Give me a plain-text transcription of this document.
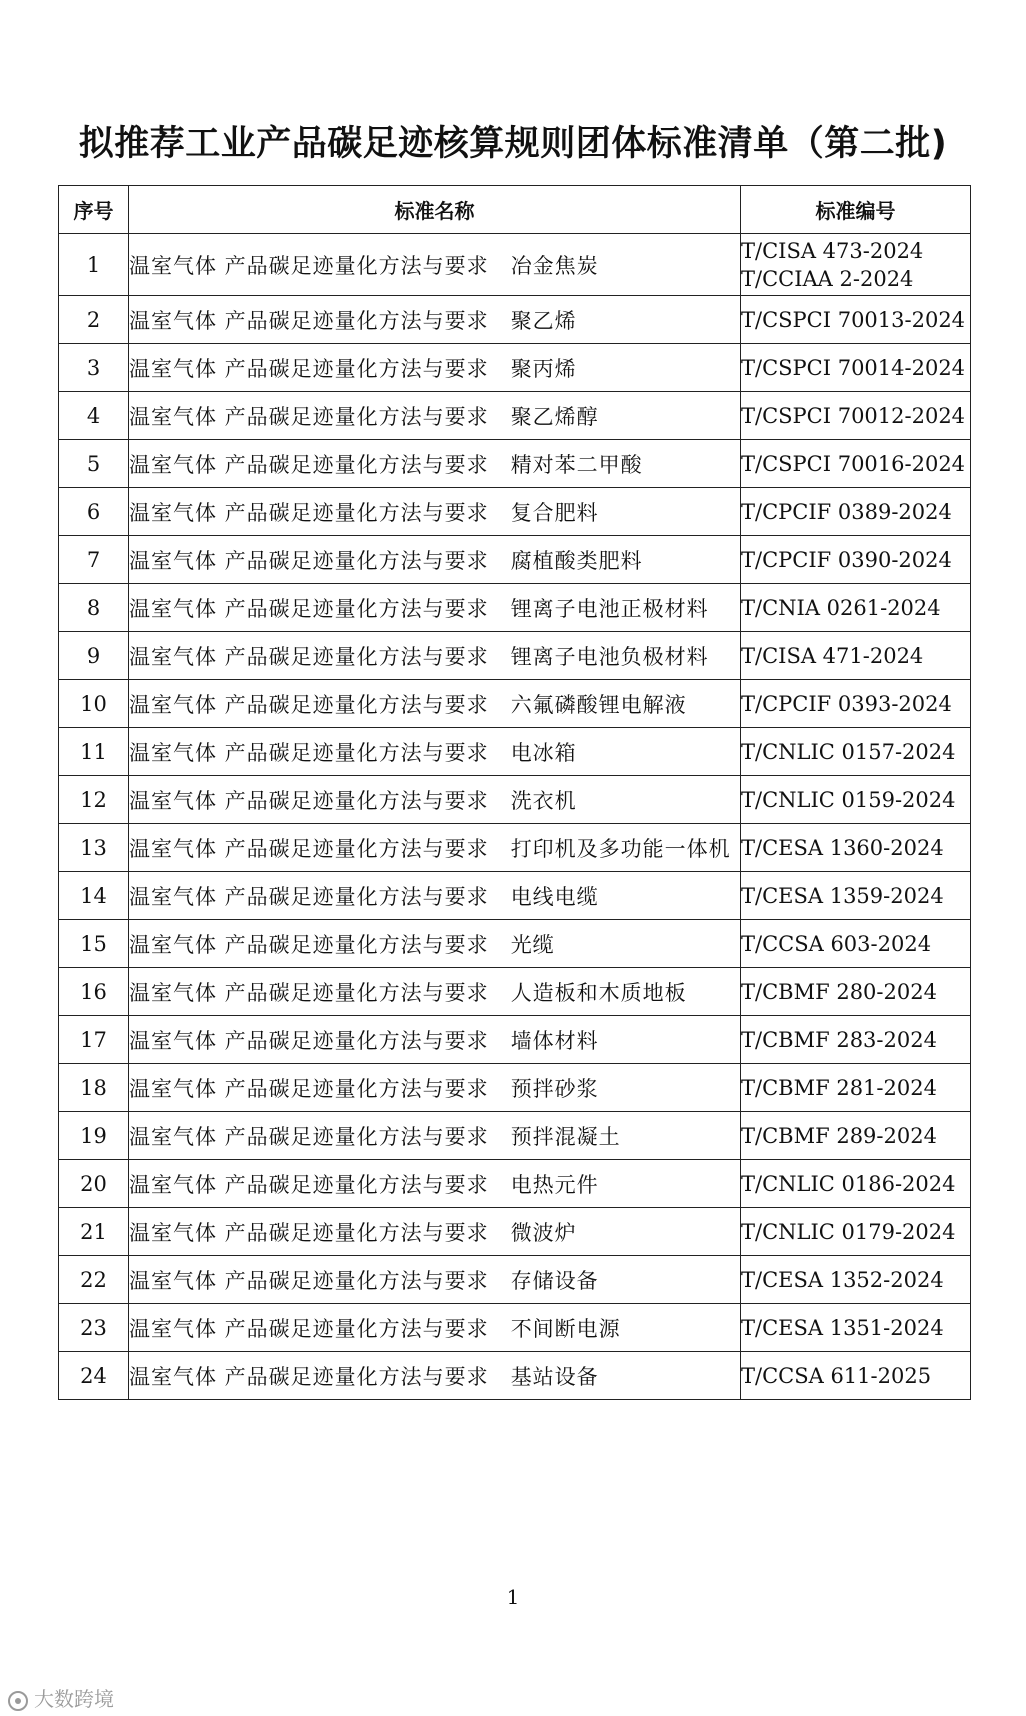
拟推荐工业产品碳足迹核算规则团体标准清单（第二批)
序号	标准名称	标准编号
1	温室气体 产品碳足迹量化方法与要求 冶金焦炭	T/CISA 473-2024
T/CCIAA 2-2024

2	温室气体 产品碳足迹量化方法与要求 聚乙烯	T/CSPCI 70013-2024

3	温室气体 产品碳足迹量化方法与要求 聚丙烯	T/CSPCI 70014-2024

4	温室气体 产品碳足迹量化方法与要求 聚乙烯醇	T/CSPCI 70012-2024

5	温室气体 产品碳足迹量化方法与要求 精对苯二甲酸	T/CSPCI 70016-2024

6	温室气体 产品碳足迹量化方法与要求 复合肥料	T/CPCIF 0389-2024

7	温室气体 产品碳足迹量化方法与要求 腐植酸类肥料	T/CPCIF 0390-2024

8	温室气体 产品碳足迹量化方法与要求 锂离子电池正极材料	T/CNIA 0261-2024

9	温室气体 产品碳足迹量化方法与要求 锂离子电池负极材料	T/CISA 471-2024

10	温室气体 产品碳足迹量化方法与要求 六氟磷酸锂电解液	T/CPCIF 0393-2024

11	温室气体 产品碳足迹量化方法与要求 电冰箱	T/CNLIC 0157-2024

12	温室气体 产品碳足迹量化方法与要求 洗衣机	T/CNLIC 0159-2024

13	温室气体 产品碳足迹量化方法与要求 打印机及多功能一体机	T/CESA 1360-2024

14	温室气体 产品碳足迹量化方法与要求 电线电缆	T/CESA 1359-2024

15	温室气体 产品碳足迹量化方法与要求 光缆	T/CCSA 603-2024

16	温室气体 产品碳足迹量化方法与要求 人造板和木质地板	T/CBMF 280-2024

17	温室气体 产品碳足迹量化方法与要求 墙体材料	T/CBMF 283-2024

18	温室气体 产品碳足迹量化方法与要求 预拌砂浆	T/CBMF 281-2024

19	温室气体 产品碳足迹量化方法与要求 预拌混凝土	T/CBMF 289-2024

20	温室气体 产品碳足迹量化方法与要求 电热元件	T/CNLIC 0186-2024

21	温室气体 产品碳足迹量化方法与要求 微波炉	T/CNLIC 0179-2024

22	温室气体 产品碳足迹量化方法与要求 存储设备	T/CESA 1352-2024

23	温室气体 产品碳足迹量化方法与要求 不间断电源	T/CESA 1351-2024

24	温室气体 产品碳足迹量化方法与要求 基站设备	T/CCSA 611-2025
1
大数跨境
